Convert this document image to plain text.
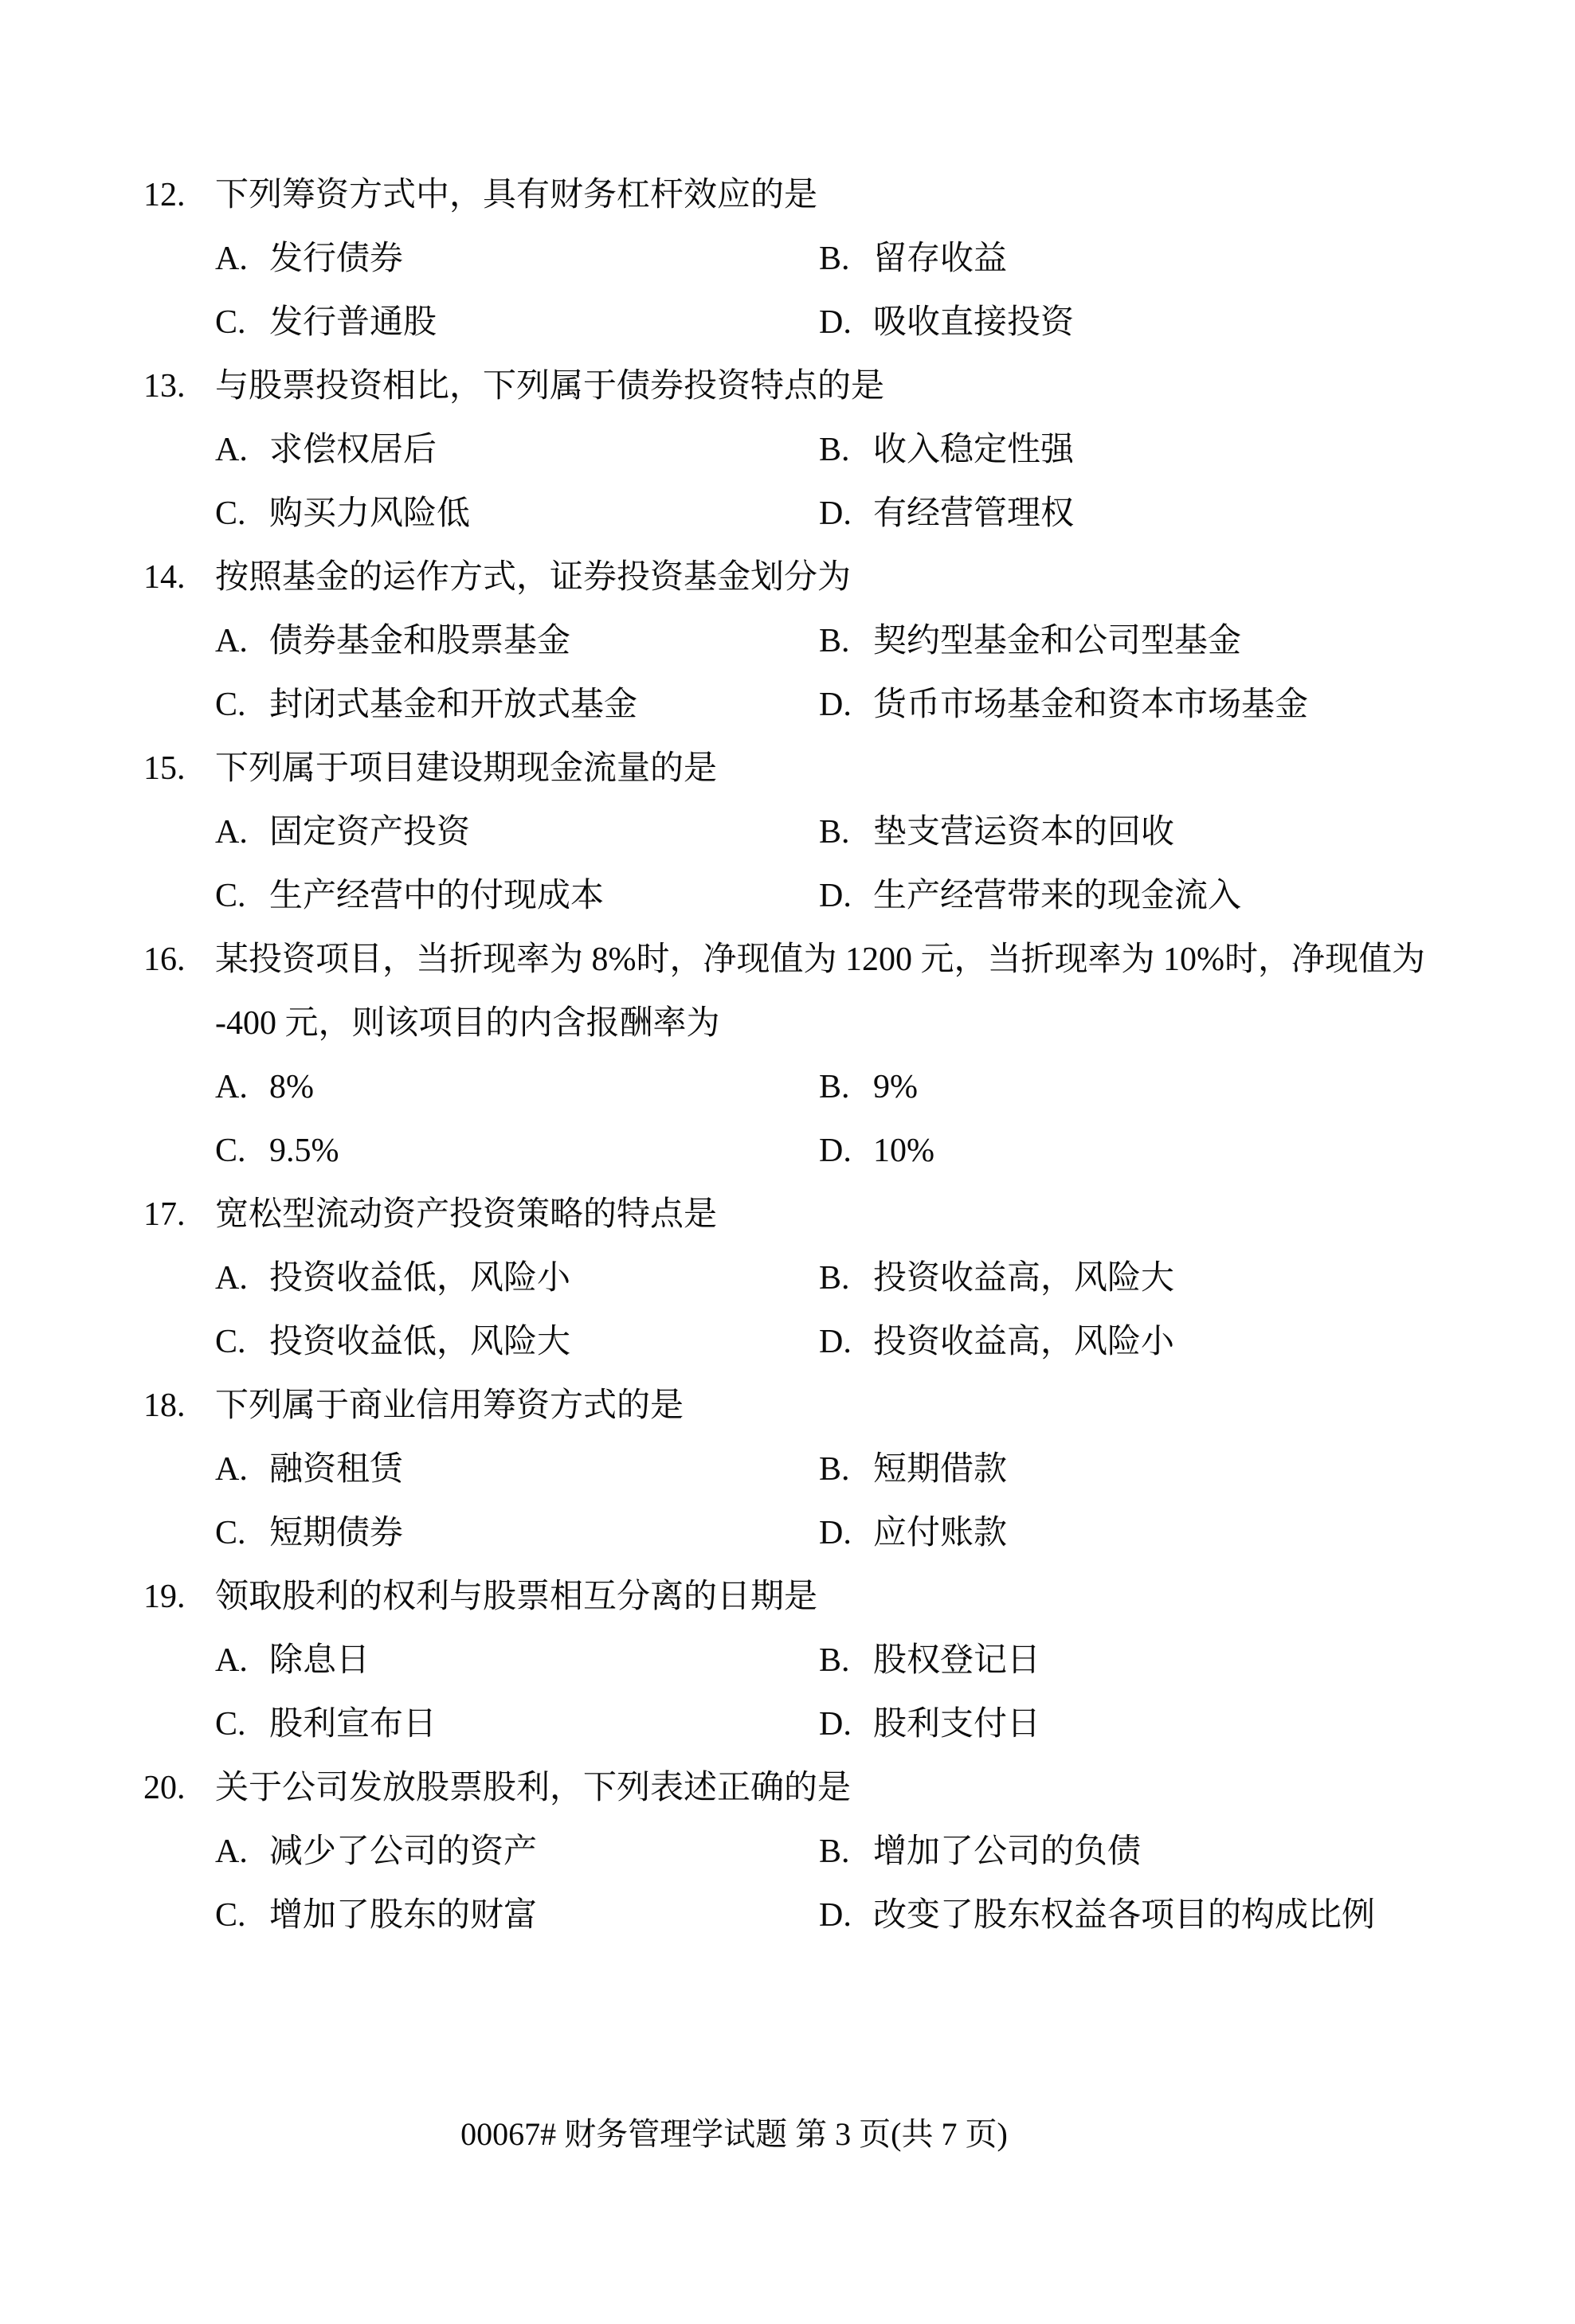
12. 下列筹资方式中，具有财务杠杆效应的是
A. 发行债券	B. 留存收益
C. 发行普通股	D. 吸收直接投资
13. 与股票投资相比，下列属于债券投资特点的是
A. 求偿权居后	B. 收入稳定性强
C. 购买力风险低	D. 有经营管理权
14. 按照基金的运作方式，证券投资基金划分为
A. 债券基金和股票基金	B. 契约型基金和公司型基金
C. 封闭式基金和开放式基金	D. 货币市场基金和资本市场基金
15. 下列属于项目建设期现金流量的是
A. 固定资产投资	B. 垫支营运资本的回收
C. 生产经营中的付现成本	D. 生产经营带来的现金流入
16. 某投资项目，当折现率为 8%时，净现值为 1200 元，当折现率为 10%时，净现值为
-400 元，则该项目的内含报酬率为
A. 8%	B. 9%
C. 9.5%	D. 10%
17. 宽松型流动资产投资策略的特点是
A. 投资收益低，风险小	B. 投资收益高，风险大
C. 投资收益低，风险大	D. 投资收益高，风险小
18. 下列属于商业信用筹资方式的是
A. 融资租赁	B. 短期借款
C. 短期债券	D. 应付账款
19. 领取股利的权利与股票相互分离的日期是
A. 除息日	B. 股权登记日
C. 股利宣布日	D. 股利支付日
20. 关于公司发放股票股利，下列表述正确的是
A. 减少了公司的资产	B. 增加了公司的负债
C. 增加了股东的财富	D. 改变了股东权益各项目的构成比例
00067# 财务管理学试题 第 3 页(共 7 页)
